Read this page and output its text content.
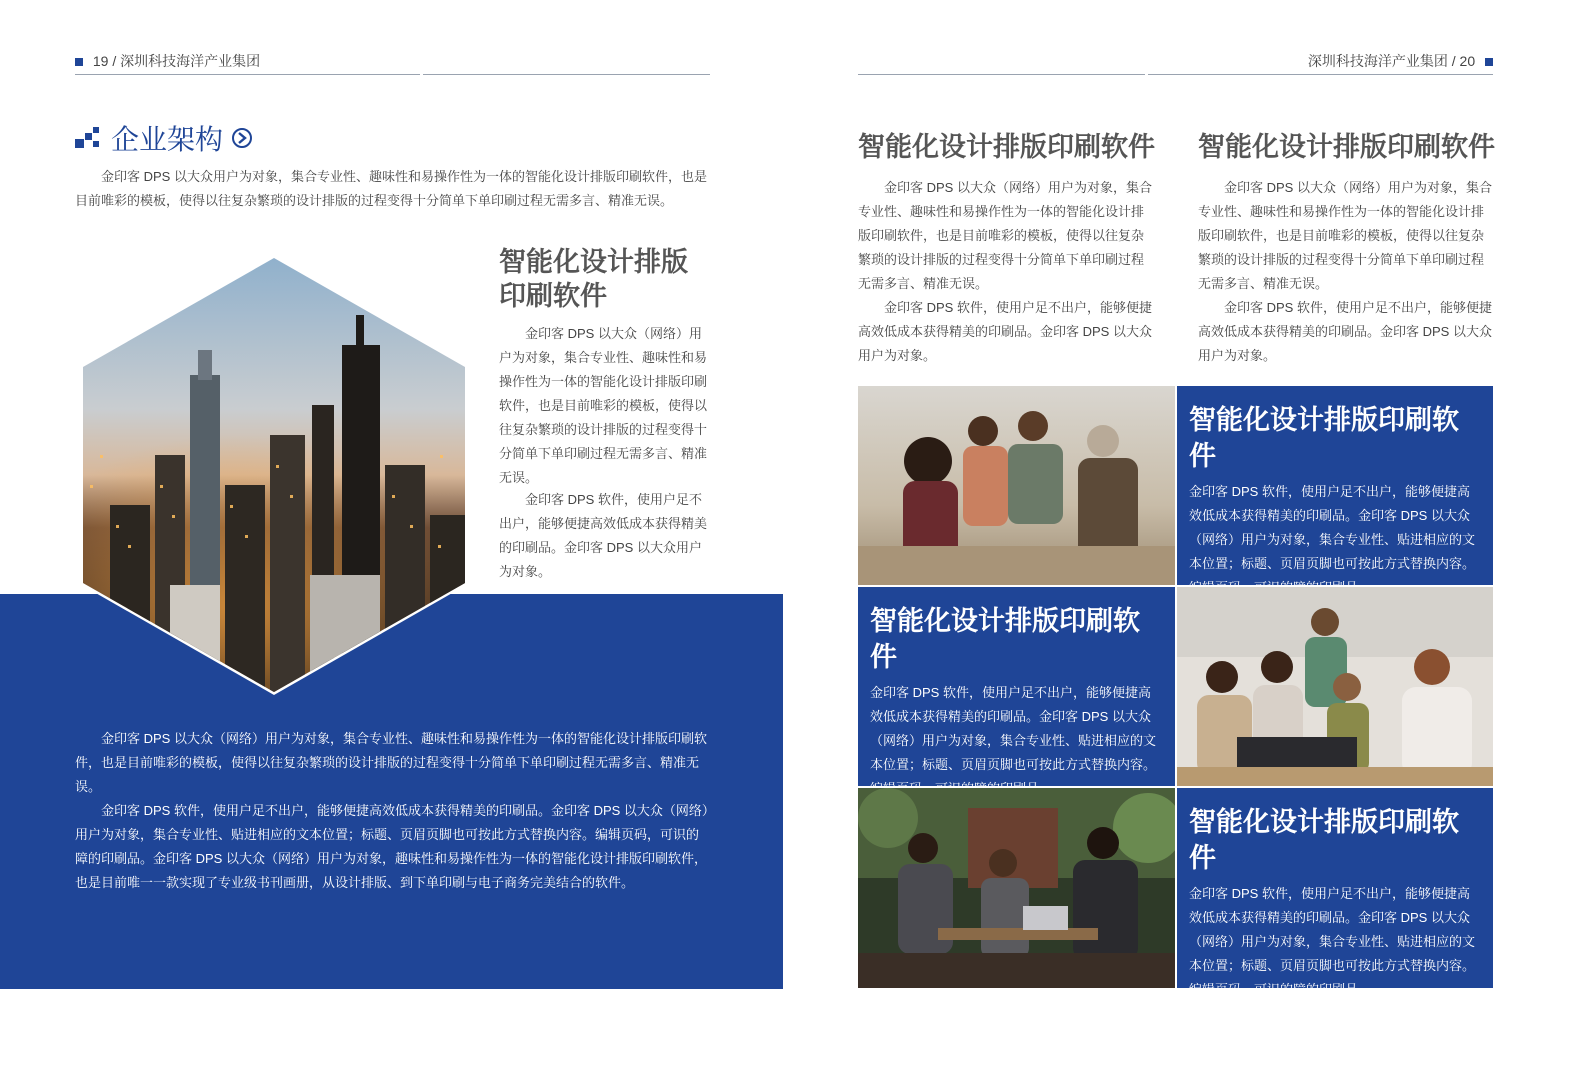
19 / 深圳科技海洋产业集团
企业架构

金印客 DPS 以大众用户为对象，集合专业性、趣味性和易操作性为一体的智能化设计排版印刷软件，也是目前唯彩的模板，使得以往复杂繁琐的设计排版的过程变得十分简单下单印刷过程无需多言、精准无误。

智能化设计排版印刷软件

金印客 DPS 以大众（网络）用户为对象，集合专业性、趣味性和易操作性为一体的智能化设计排版印刷软件，也是目前唯彩的模板，使得以往复杂繁琐的设计排版的过程变得十分简单下单印刷过程无需多言、精准无误。

金印客 DPS 软件，使用户足不出户，能够便捷高效低成本获得精美的印刷品。金印客 DPS 以大众用户为对象。

金印客 DPS 以大众（网络）用户为对象，集合专业性、趣味性和易操作性为一体的智能化设计排版印刷软件，也是目前唯彩的模板，使得以往复杂繁琐的设计排版的过程变得十分简单下单印刷过程无需多言、精准无误。

金印客 DPS 软件，使用户足不出户，能够便捷高效低成本获得精美的印刷品。金印客 DPS 以大众（网络）用户为对象，集合专业性、贴进相应的文本位置；标题、页眉页脚也可按此方式替换内容。编辑页码，可识的障的印刷品。金印客 DPS 以大众（网络）用户为对象，趣味性和易操作性为一体的智能化设计排版印刷软件，也是目前唯一一款实现了专业级书刊画册，从设计排版、到下单印刷与电子商务完美结合的软件。

深圳科技海洋产业集团 / 20
智能化设计排版印刷软件

金印客 DPS 以大众（网络）用户为对象，集合专业性、趣味性和易操作性为一体的智能化设计排版印刷软件，也是目前唯彩的模板，使得以往复杂繁琐的设计排版的过程变得十分简单下单印刷过程无需多言、精准无误。

金印客 DPS 软件，使用户足不出户，能够便捷高效低成本获得精美的印刷品。金印客 DPS 以大众用户为对象。

智能化设计排版印刷软件

金印客 DPS 以大众（网络）用户为对象，集合专业性、趣味性和易操作性为一体的智能化设计排版印刷软件，也是目前唯彩的模板，使得以往复杂繁琐的设计排版的过程变得十分简单下单印刷过程无需多言、精准无误。

金印客 DPS 软件，使用户足不出户，能够便捷高效低成本获得精美的印刷品。金印客 DPS 以大众用户为对象。

智能化设计排版印刷软件

金印客 DPS 软件，使用户足不出户，能够便捷高效低成本获得精美的印刷品。金印客 DPS 以大众（网络）用户为对象，集合专业性、贴进相应的文本位置；标题、页眉页脚也可按此方式替换内容。

智能化设计排版印刷软件

金印客 DPS 软件，使用户足不出户，能够便捷高效低成本获得精美的印刷品。金印客 DPS 以大众（网络）用户为对象，集合专业性、贴进相应的文本位置；标题、页眉页脚也可按此方式替换内容。

智能化设计排版印刷软件

金印客 DPS 软件，使用户足不出户，能够便捷高效低成本获得精美的印刷品。金印客 DPS 以大众（网络）用户为对象，集合专业性、贴进相应的文本位置；标题、页眉页脚也可按此方式替换内容。编辑页码，可识的障的印刷品。
